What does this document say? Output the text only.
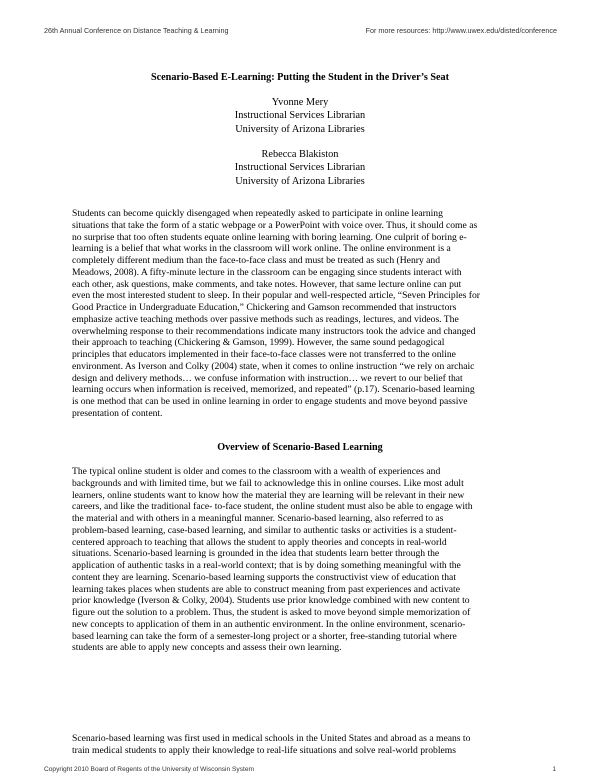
26th Annual Conference on Distance Teaching & Learning	For more resources: http://www.uwex.edu/disted/conference
Scenario-Based E-Learning: Putting the Student in the Driver’s Seat
Yvonne Mery
Instructional Services Librarian
University of Arizona Libraries
Rebecca Blakiston
Instructional Services Librarian
University of Arizona Libraries
Students can become quickly disengaged when repeatedly asked to participate in online learning
situations that take the form of a static webpage or a PowerPoint with voice over. Thus, it should come as
no surprise that too often students equate online learning with boring learning. One culprit of boring e-
learning is a belief that what works in the classroom will work online. The online environment is a
completely different medium than the face-to-face class and must be treated as such (Henry and
Meadows, 2008). A fifty-minute lecture in the classroom can be engaging since students interact with
each other, ask questions, make comments, and take notes. However, that same lecture online can put
even the most interested student to sleep. In their popular and well-respected article, “Seven Principles for
Good Practice in Undergraduate Education,” Chickering and Gamson recommended that instructors
emphasize active teaching methods over passive methods such as readings, lectures, and videos. The
overwhelming response to their recommendations indicate many instructors took the advice and changed
their approach to teaching (Chickering & Gamson, 1999). However, the same sound pedagogical
principles that educators implemented in their face-to-face classes were not transferred to the online
environment. As Iverson and Colky (2004) state, when it comes to online instruction “we rely on archaic
design and delivery methods… we confuse information with instruction… we revert to our belief that
learning occurs when information is received, memorized, and repeated” (p.17). Scenario-based learning
is one method that can be used in online learning in order to engage students and move beyond passive
presentation of content.
Overview of Scenario-Based Learning
The typical online student is older and comes to the classroom with a wealth of experiences and
backgrounds and with limited time, but we fail to acknowledge this in online courses. Like most adult
learners, online students want to know how the material they are learning will be relevant in their new
careers, and like the traditional face- to-face student, the online student must also be able to engage with
the material and with others in a meaningful manner. Scenario-based learning, also referred to as
problem-based learning, case-based learning, and similar to authentic tasks or activities is a student-
centered approach to teaching that allows the student to apply theories and concepts in real-world
situations. Scenario-based learning is grounded in the idea that students learn better through the
application of authentic tasks in a real-world context; that is by doing something meaningful with the
content they are learning. Scenario-based learning supports the constructivist view of education that
learning takes places when students are able to construct meaning from past experiences and activate
prior knowledge (Iverson & Colky, 2004). Students use prior knowledge combined with new content to
figure out the solution to a problem. Thus, the student is asked to move beyond simple memorization of
new concepts to application of them in an authentic environment. In the online environment, scenario-
based learning can take the form of a semester-long project or a shorter, free-standing tutorial where
students are able to apply new concepts and assess their own learning.
Scenario-based learning was first used in medical schools in the United States and abroad as a means to
train medical students to apply their knowledge to real-life situations and solve real-world problems
Copyright 2010 Board of Regents of the University of Wisconsin System	1
